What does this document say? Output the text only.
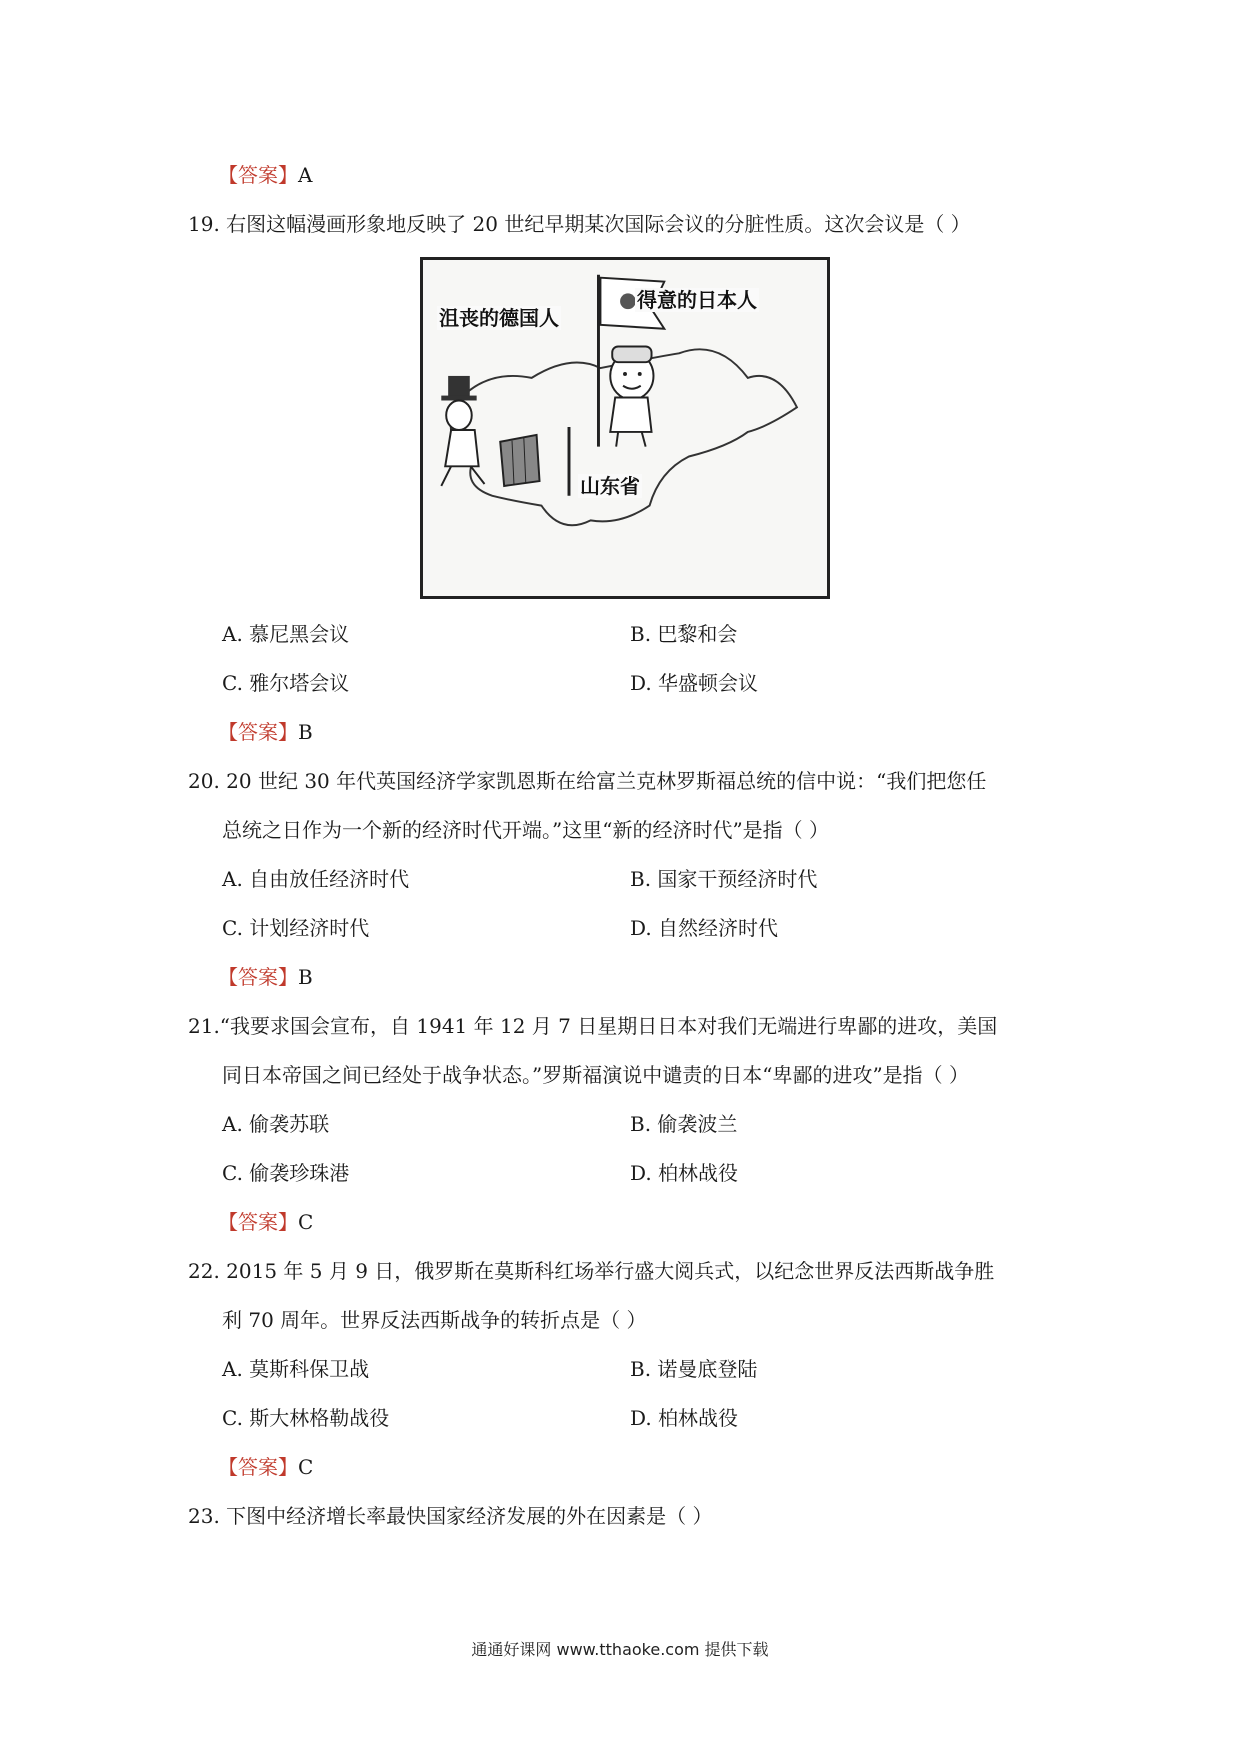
【答案】A
19. 右图这幅漫画形象地反映了 20 世纪早期某次国际会议的分脏性质。这次会议是（ ）
沮丧的德国人
得意的日本人
山东省
A. 慕尼黑会议	B. 巴黎和会
C. 雅尔塔会议	D. 华盛顿会议
【答案】B
20. 20 世纪 30 年代英国经济学家凯恩斯在给富兰克林罗斯福总统的信中说：“我们把您任
总统之日作为一个新的经济时代开端。”这里“新的经济时代”是指（ ）
A. 自由放任经济时代	B. 国家干预经济时代
C. 计划经济时代	D. 自然经济时代
【答案】B
21.“我要求国会宣布，自 1941 年 12 月 7 日星期日日本对我们无端进行卑鄙的进攻，美国
同日本帝国之间已经处于战争状态。”罗斯福演说中谴责的日本“卑鄙的进攻”是指（ ）
A. 偷袭苏联	B. 偷袭波兰
C. 偷袭珍珠港	D. 柏林战役
【答案】C
22. 2015 年 5 月 9 日，俄罗斯在莫斯科红场举行盛大阅兵式，以纪念世界反法西斯战争胜
利 70 周年。世界反法西斯战争的转折点是（ ）
A. 莫斯科保卫战	B. 诺曼底登陆
C. 斯大林格勒战役	D. 柏林战役
【答案】C
23. 下图中经济增长率最快国家经济发展的外在因素是（ ）
通通好课网 www.tthaoke.com 提供下载
